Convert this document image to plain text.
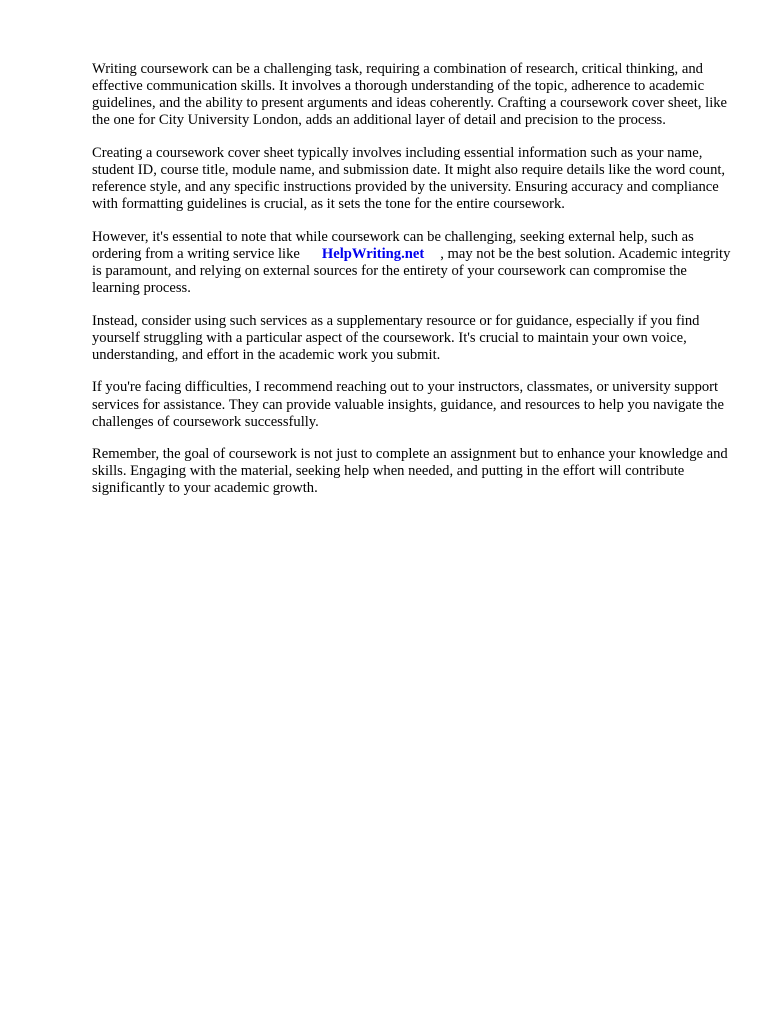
Writing coursework can be a challenging task, requiring a combination of research, critical thinking, and effective communication skills. It involves a thorough understanding of the topic, adherence to academic guidelines, and the ability to present arguments and ideas coherently. Crafting a coursework cover sheet, like the one for City University London, adds an additional layer of detail and precision to the process.

Creating a coursework cover sheet typically involves including essential information such as your name, student ID, course title, module name, and submission date. It might also require details like the word count, reference style, and any specific instructions provided by the university. Ensuring accuracy and compliance with formatting guidelines is crucial, as it sets the tone for the entire coursework.

However, it's essential to note that while coursework can be challenging, seeking external help, such as ordering from a writing service like HelpWriting.net , may not be the best solution. Academic integrity is paramount, and relying on external sources for the entirety of your coursework can compromise the learning process.

Instead, consider using such services as a supplementary resource or for guidance, especially if you find yourself struggling with a particular aspect of the coursework. It's crucial to maintain your own voice, understanding, and effort in the academic work you submit.

If you're facing difficulties, I recommend reaching out to your instructors, classmates, or university support services for assistance. They can provide valuable insights, guidance, and resources to help you navigate the challenges of coursework successfully.

Remember, the goal of coursework is not just to complete an assignment but to enhance your knowledge and skills. Engaging with the material, seeking help when needed, and putting in the effort will contribute significantly to your academic growth.
